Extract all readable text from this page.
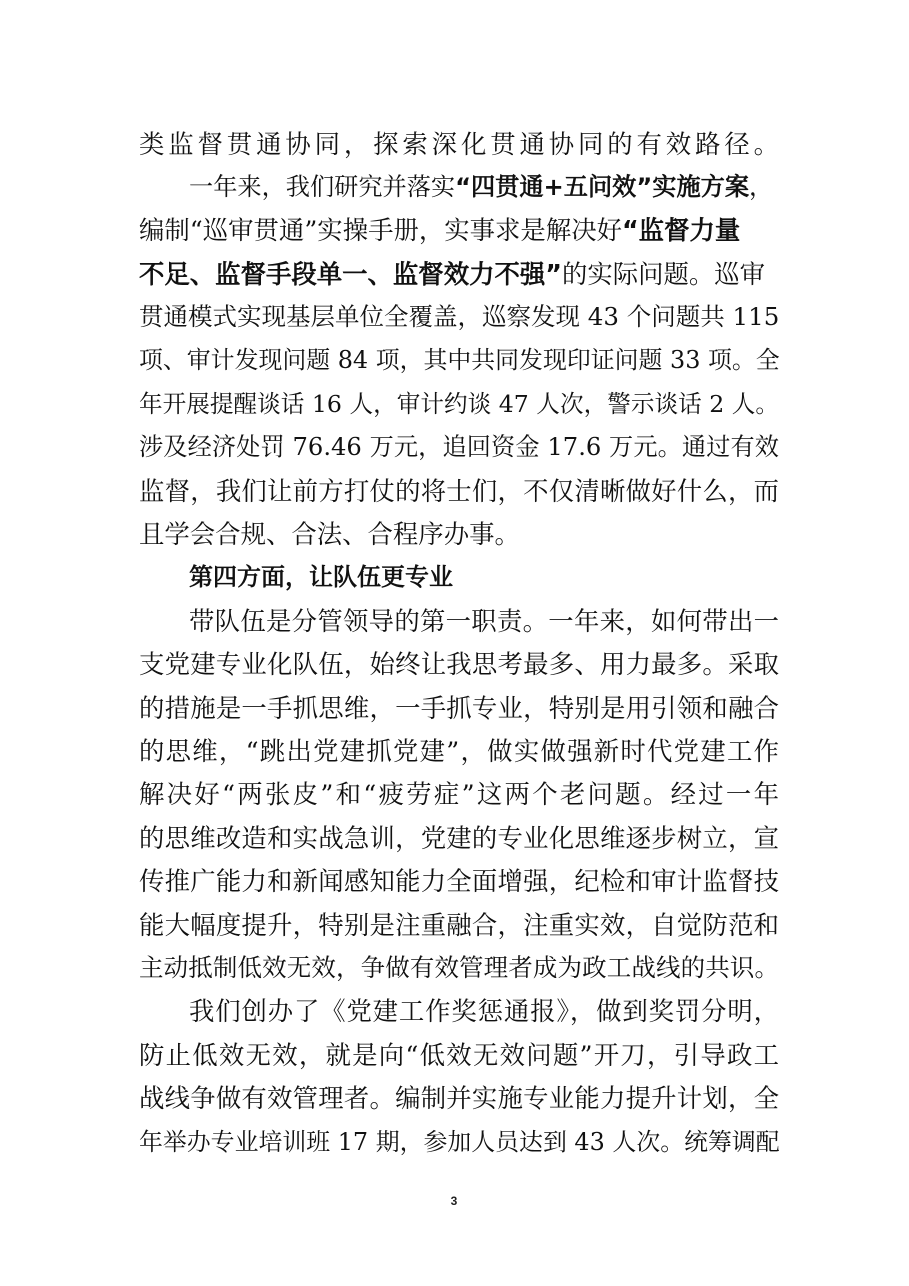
类监督贯通协同，探索深化贯通协同的有效路径。
一年来，我们研究并落实“四贯通+五问效”实施方案，
编制“巡审贯通”实操手册，实事求是解决好“监督力量
不足、监督手段单一、监督效力不强”的实际问题。巡审
贯通模式实现基层单位全覆盖，巡察发现 43 个问题共 115
项、审计发现问题 84 项，其中共同发现印证问题 33 项。全
年开展提醒谈话 16 人，审计约谈 47 人次，警示谈话 2 人。
涉及经济处罚 76.46 万元，追回资金 17.6 万元。通过有效
监督，我们让前方打仗的将士们，不仅清晰做好什么，而
且学会合规、合法、合程序办事。
第四方面，让队伍更专业
带队伍是分管领导的第一职责。一年来，如何带出一
支党建专业化队伍，始终让我思考最多、用力最多。采取
的措施是一手抓思维，一手抓专业，特别是用引领和融合
的思维，“跳出党建抓党建”，做实做强新时代党建工作
解决好“两张皮”和“疲劳症”这两个老问题。经过一年
的思维改造和实战急训，党建的专业化思维逐步树立，宣
传推广能力和新闻感知能力全面增强，纪检和审计监督技
能大幅度提升，特别是注重融合，注重实效，自觉防范和
主动抵制低效无效，争做有效管理者成为政工战线的共识。
我们创办了《党建工作奖惩通报》，做到奖罚分明，
防止低效无效，就是向“低效无效问题”开刀，引导政工
战线争做有效管理者。编制并实施专业能力提升计划，全
年举办专业培训班 17 期，参加人员达到 43 人次。统筹调配
3
